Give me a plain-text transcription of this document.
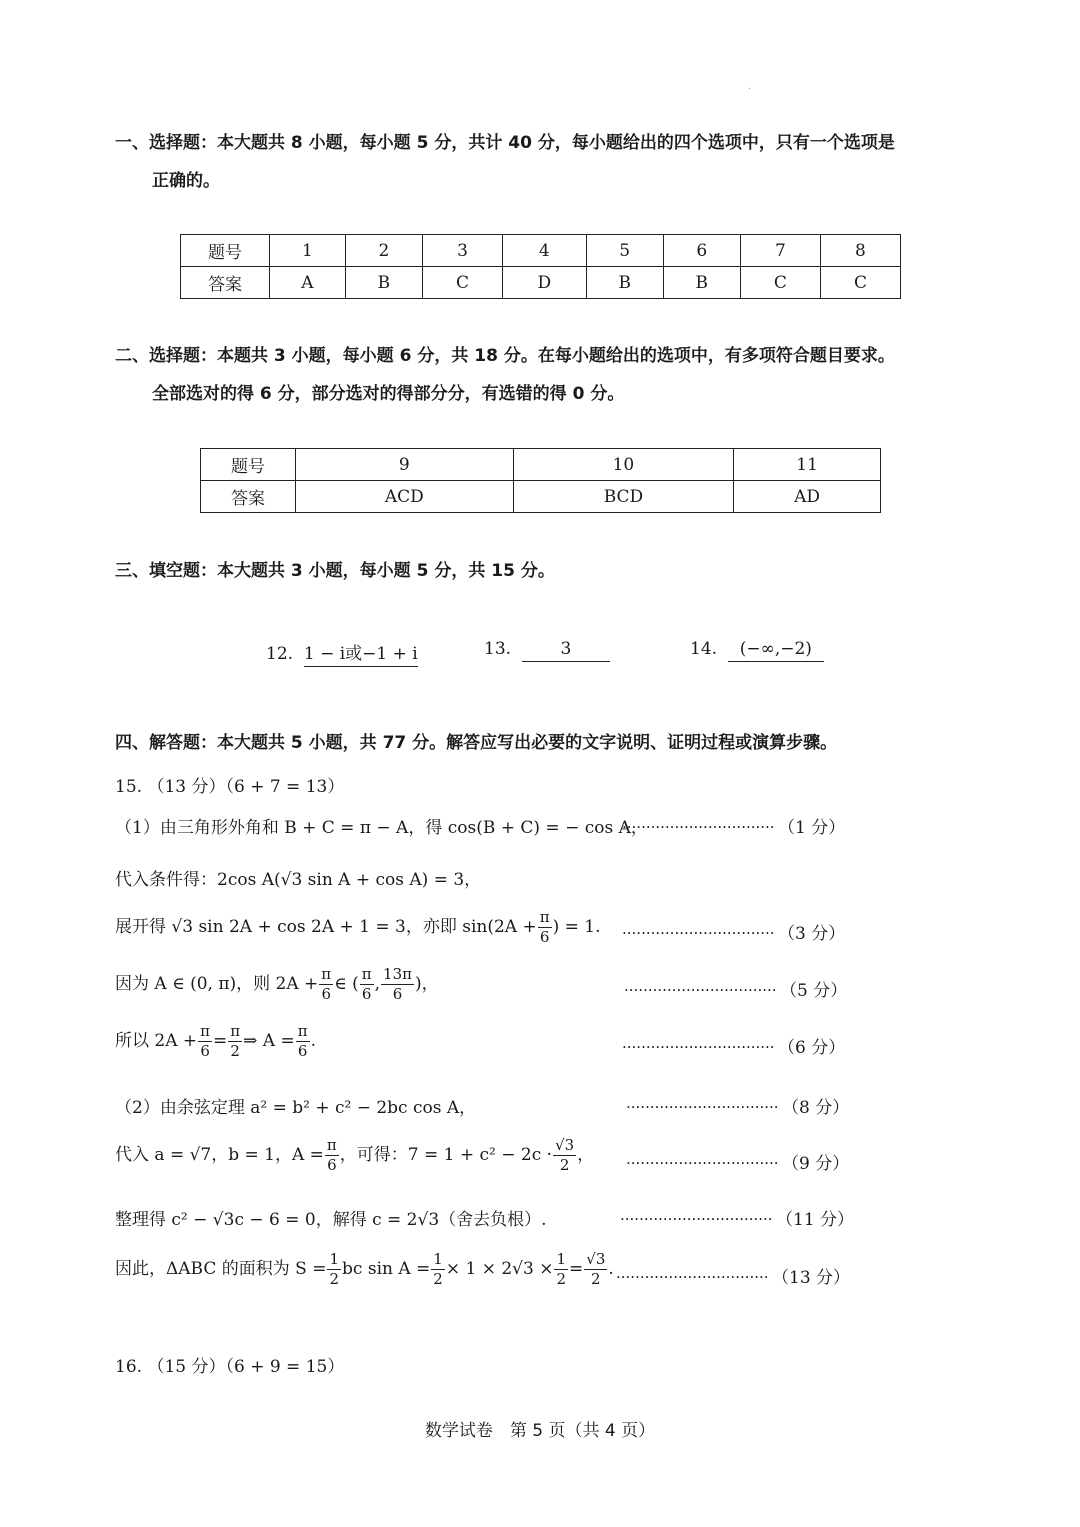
·
一、选择题：本大题共 8 小题，每小题 5 分，共计 40 分，每小题给出的四个选项中，只有一个选项是
正确的。
题号	1	2	3	4	5	6	7	8
答案	A	B	C	D	B	B	C	C
二、选择题：本题共 3 小题，每小题 6 分，共 18 分。在每小题给出的选项中，有多项符合题目要求。
全部选对的得 6 分，部分选对的得部分分，有选错的得 0 分。
题号	9	10	11
答案	ACD	BCD	AD
三、填空题：本大题共 3 小题，每小题 5 分，共 15 分。
12. 1 − i或−1 + i	13.	3	14. (−∞,−2)
四、解答题：本大题共 5 小题，共 77 分。解答应写出必要的文字说明、证明过程或演算步骤。
15. （13 分）（6 + 7 = 13）
（1）由三角形外角和 B + C = π − A，得 cos(B + C) = − cos A，
................................ （1 分）
代入条件得：2cos A(√3 sin A + cos A) = 3，
展开得 √3 sin 2A + cos 2A + 1 = 3，亦即 $\sin(2A + \frac{\pi}{6}$ ) = 1. ................................ （3 分）
因为 A ∈ (0, π)，则 $2A + \frac{\pi}{6}$ ∈ ( $\frac{\pi}{6}$ , $\frac{13\pi}{6}$ )，	................................ （5 分）
所以 $2A + \frac{\pi}{6} = \frac{\pi}{2}$ ⇒ $A = \frac{\pi}{6}$ .	................................ （6 分）
（2）由余弦定理 a² = b² + c² − 2bc cos A，	................................ （8 分）
代入 a = √7，b = 1，$A = \frac{\pi}{6}$ ，可得：$7 = 1 + c^2 - 2c \cdot \frac{√3}{2}$ ， ................................ （9 分）
整理得 c² − √3c − 6 = 0，解得 c = 2√3（舍去负根）.	................................ （11 分）
因此，ΔABC 的面积为 $S = \frac{1}{2}$ bc $\sin A = \frac{1}{2} \times 1 \times 2√3 \times \frac{1}{2} = \frac{√3}{2}$ . ................................ （13 分）
16. （15 分）（6 + 9 = 15）
数学试卷　第 5 页（共 4 页）
